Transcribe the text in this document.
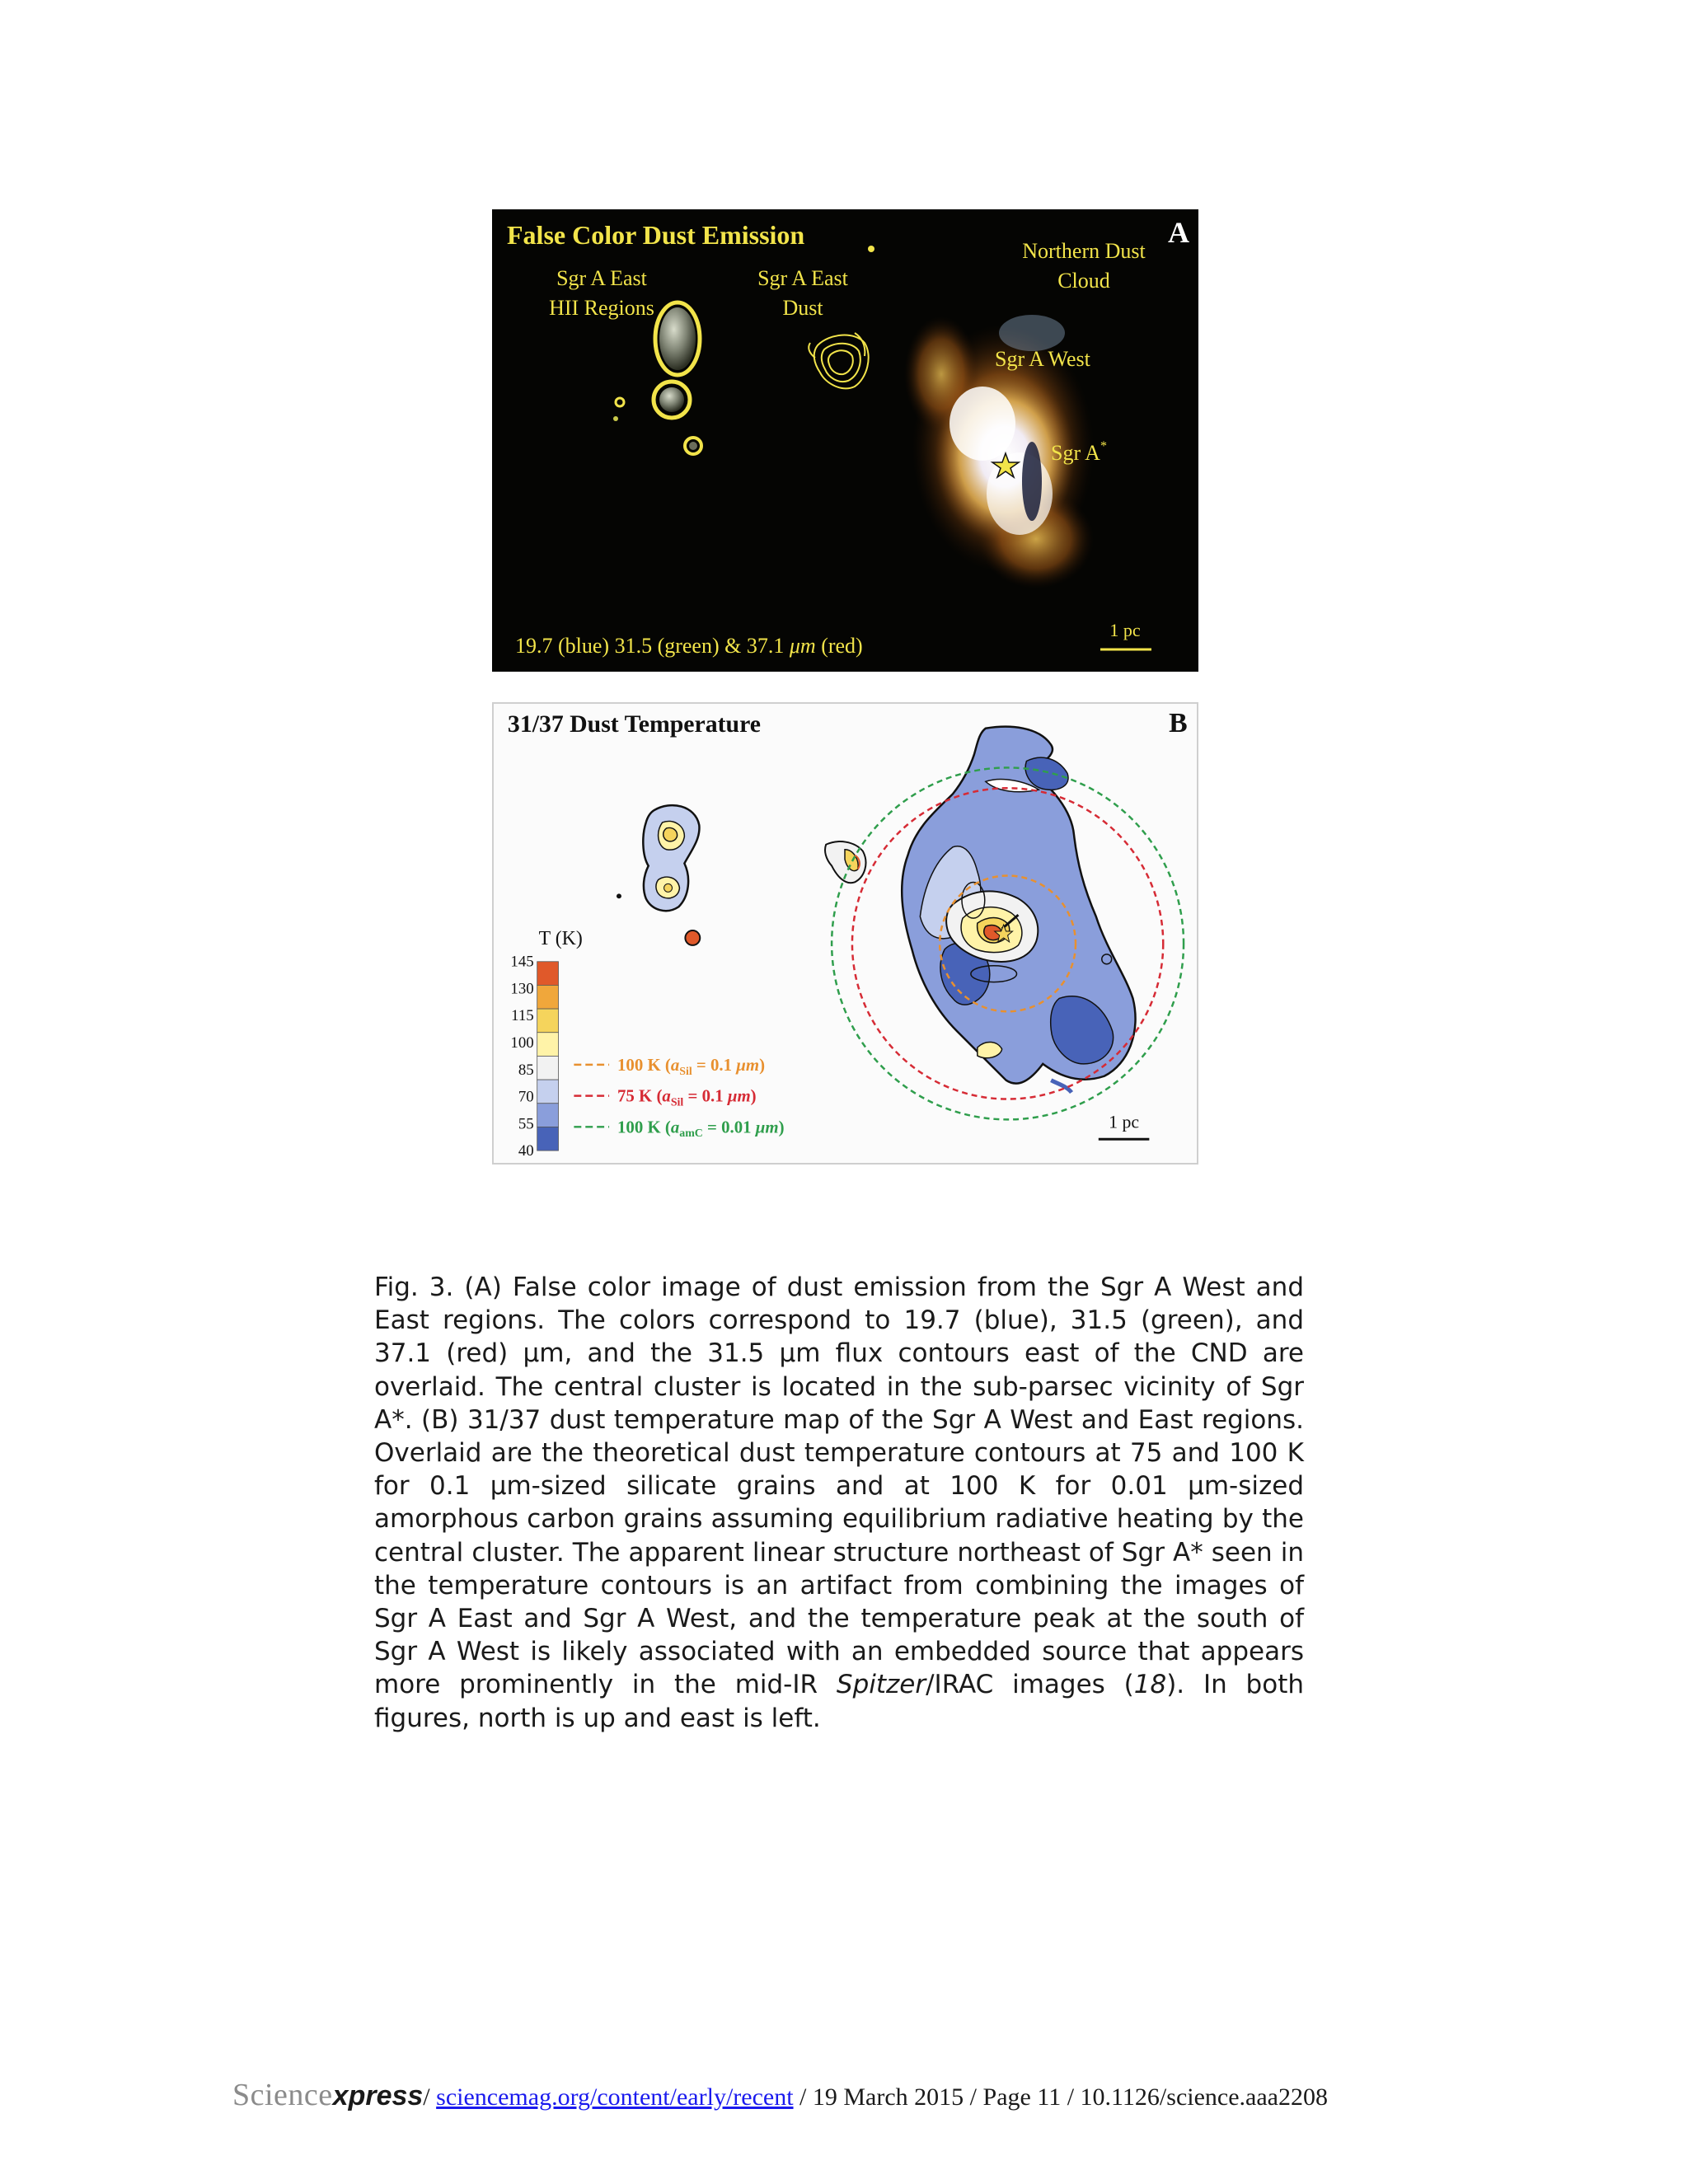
False Color Dust Emission	A
Sgr A East
HII Regions
Sgr A East
Dust
Northern Dust
Cloud
Sgr A West
Sgr A*
19.7 (blue) 31.5 (green) & 37.1 μm (red)
1 pc
31/37 Dust Temperature	B
T (K)
145
130
115
100
85
70
55
40
100 K ($a_{Sil} = 0.1$ μm)
75 K ($a_{Sil} = 0.1$ μm)
100 K ($a_{amC} = 0.01$ μm)	1 pc

Fig. 3. (A) False color image of dust emission from the Sgr A West and East regions. The colors correspond to 19.7 (blue), 31.5 (green), and 37.1 (red) μm, and the 31.5 μm flux contours east of the CND are overlaid. The central cluster is located in the sub-parsec vicinity of Sgr A*. (B) 31/37 dust temperature map of the Sgr A West and East regions. Overlaid are the theoretical dust temperature contours at 75 and 100 K for 0.1 μm-sized silicate grains and at 100 K for 0.01 μm-sized amorphous carbon grains assuming equilibrium radiative heating by the central cluster. The apparent linear structure northeast of Sgr A* seen in the temperature contours is an artifact from combining the images of Sgr A East and Sgr A West, and the temperature peak at the south of Sgr A West is likely associated with an embedded source that appears more prominently in the mid-IR Spitzer/IRAC images (18). In both figures, north is up and east is left.

Sciencexpress/ sciencemag.org/content/early/recent / 19 March 2015 / Page 11 / 10.1126/science.aaa2208
